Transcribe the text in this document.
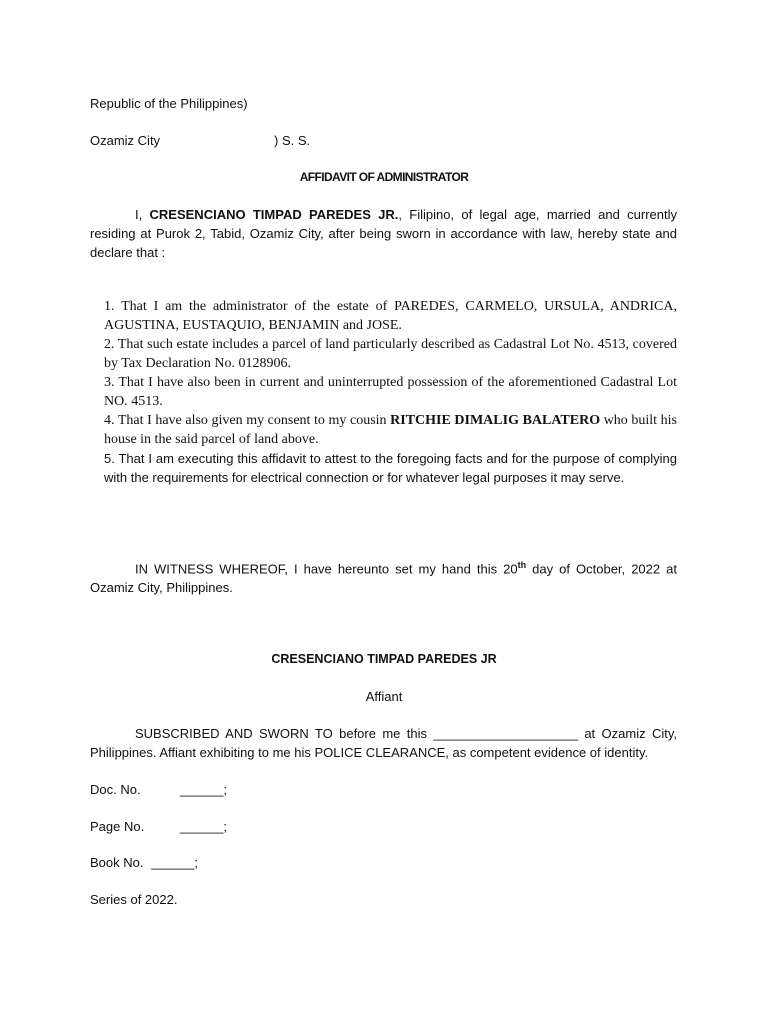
Republic of the Philippines)
Ozamiz City	) S. S.
AFFIDAVIT OF ADMINISTRATOR
I, CRESENCIANO TIMPAD PAREDES JR., Filipino, of legal age, married and currently residing at Purok 2, Tabid, Ozamiz City, after being sworn in accordance with law, hereby state and declare that :
1. That I am the administrator of the estate of PAREDES, CARMELO, URSULA, ANDRICA, AGUSTINA, EUSTAQUIO, BENJAMIN and JOSE.
2. That such estate includes a parcel of land particularly described as Cadastral Lot No. 4513, covered by Tax Declaration No. 0128906.
3. That I have also been in current and uninterrupted possession of the aforementioned Cadastral Lot NO. 4513.
4. That I have also given my consent to my cousin RITCHIE DIMALIG BALATERO who built his house in the said parcel of land above.
5. That I am executing this affidavit to attest to the foregoing facts and for the purpose of complying with the requirements for electrical connection or for whatever legal purposes it may serve.
IN WITNESS WHEREOF, I have hereunto set my hand this 20th day of October, 2022 at Ozamiz City, Philippines.
CRESENCIANO TIMPAD PAREDES JR
Affiant
SUBSCRIBED AND SWORN TO before me this ____________________ at Ozamiz City, Philippines. Affiant exhibiting to me his POLICE CLEARANCE, as competent evidence of identity.
Doc. No.	______;
Page No.	______;
Book No. ______;
Series of 2022.
